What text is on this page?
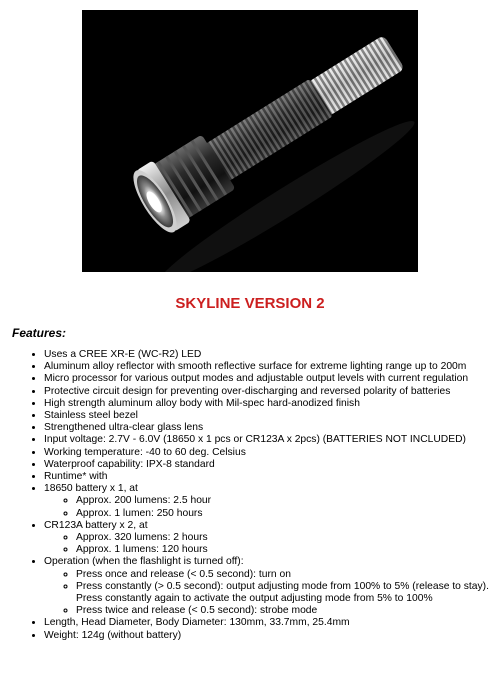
SKYLINE VERSION 2

Features:

• Uses a CREE XR-E (WC-R2) LED
• Aluminum alloy reflector with smooth reflective surface for extreme lighting range up to 200m
• Micro processor for various output modes and adjustable output levels with current regulation
• Protective circuit design for preventing over-discharging and reversed polarity of batteries
• High strength aluminum alloy body with Mil-spec hard-anodized finish
• Stainless steel bezel
• Strengthened ultra-clear glass lens
• Input voltage: 2.7V - 6.0V (18650 x 1 pcs or CR123A x 2pcs) (BATTERIES NOT INCLUDED)
• Working temperature: -40 to 60 deg. Celsius
• Waterproof capability: IPX-8 standard
• Runtime* with
• 18650 battery x 1, at
◦ Approx. 200 lumens: 2.5 hour
◦ Approx. 1 lumen: 250 hours
• CR123A battery x 2, at
◦ Approx. 320 lumens: 2 hours
◦ Approx. 1 lumens: 120 hours
• Operation (when the flashlight is turned off):
◦ Press once and release (< 0.5 second): turn on
◦ Press constantly (> 0.5 second): output adjusting mode from 100% to 5% (release to stay). Press constantly again to activate the output adjusting mode from 5% to 100%
◦ Press twice and release (< 0.5 second): strobe mode
• Length, Head Diameter, Body Diameter: 130mm, 33.7mm, 25.4mm
• Weight: 124g (without battery)
